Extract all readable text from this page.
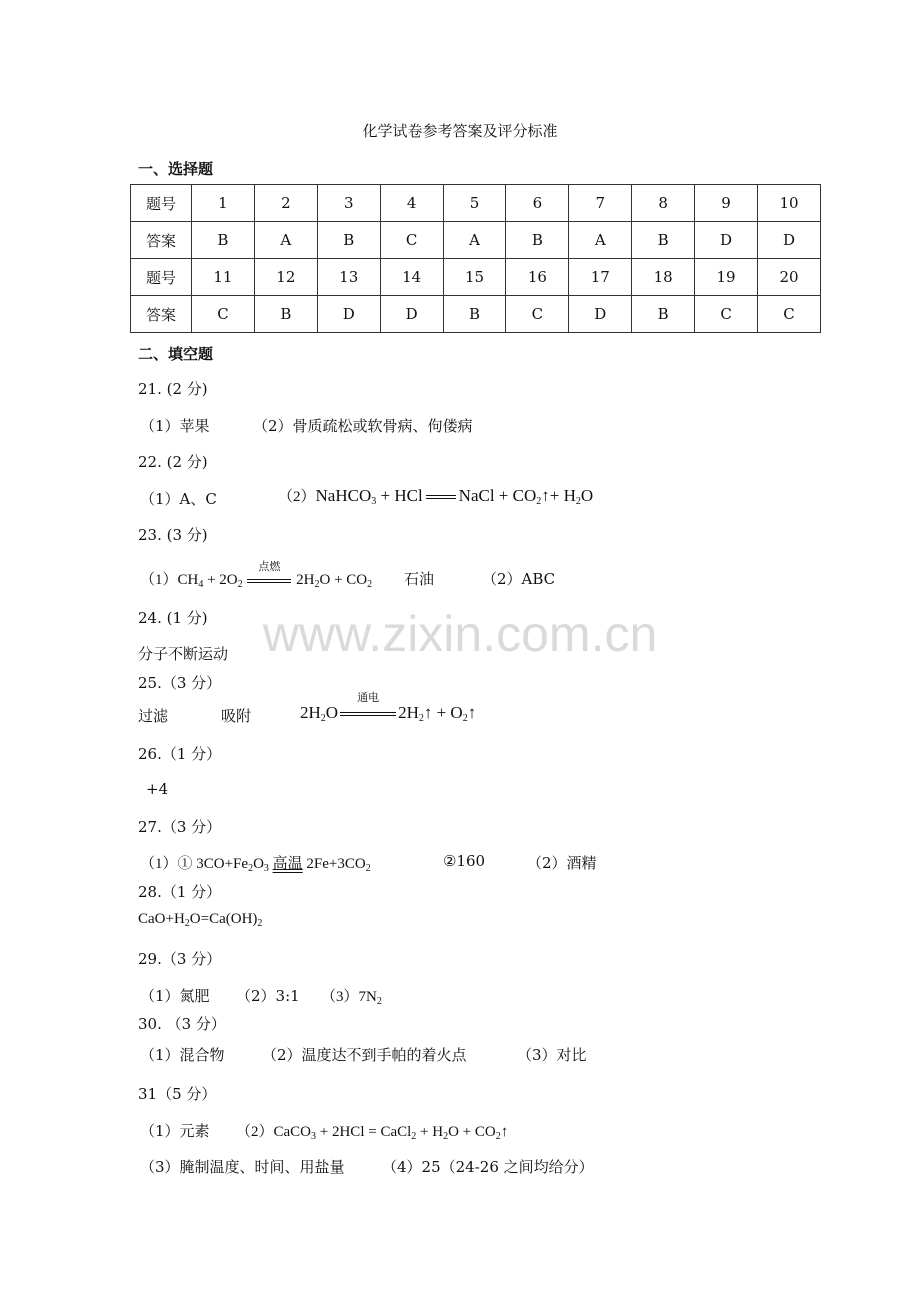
化学试卷参考答案及评分标准
一、选择题
题号	1	2	3	4	5	6	7	8	9	10
答案	B	A	B	C	A	B	A	B	D	D
题号	11	12	13	14	15	16	17	18	19	20
答案	C	B	D	D	B	C	D	B	C	C
二、填空题
21. (2 分)
（1）苹果	（2）骨质疏松或软骨病、佝偻病
22. (2 分)
（1）A、C	（2）NaHCO$_3$ + HCl NaCl + $CO_2↑+ H_2O$
23. (3 分)
$(1)CH_4 + 2O_2$
点燃
$2H_2O + CO_2$ 石油	（2）ABC
24. (1 分)
分子不断运动 www.zixin.com.cn
25.（3 分）
过滤	吸附	$2H_2O$
通电
$2H_2↑$ + $O_2↑$
26.（1 分）
+4
27.（3 分）
（1）① $3CO+Fe_2O_3$ 高温 $2Fe+3CO_2$	②160	（2）酒精
28.（1 分）
$CaO+H_2O=Ca(OH)_2$
29.（3 分）
（1）氮肥 （2）3:1 $(3)7N_2$
30. （3 分）
（1）混合物 （2）温度达不到手帕的着火点	（3）对比
31（5 分）
（1）元素 （2）CaCO$_3$ + 2HCl = CaCl$_2$ + $H_2O$ + $CO_2↑$
（3）腌制温度、时间、用盐量 （4）25（24-26 之间均给分）
